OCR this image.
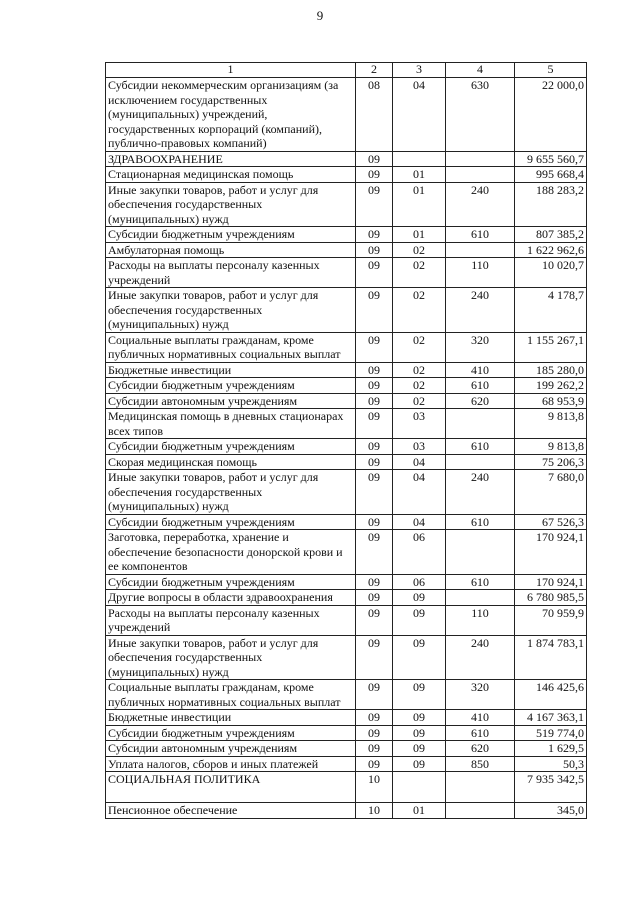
9
1	2	3	4	5
Субсидии некоммерческим организациям (за исключением государственных (муниципальных) учреждений, государственных корпораций (компаний), публично-правовых компаний)	08	04	630	22 000,0
ЗДРАВООХРАНЕНИЕ	09			9 655 560,7
Стационарная медицинская помощь	09	01		995 668,4
Иные закупки товаров, работ и услуг для обеспечения государственных (муниципальных) нужд	09	01	240	188 283,2
Субсидии бюджетным учреждениям	09	01	610	807 385,2
Амбулаторная помощь	09	02		1 622 962,6
Расходы на выплаты персоналу казенных учреждений	09	02	110	10 020,7
Иные закупки товаров, работ и услуг для обеспечения государственных (муниципальных) нужд	09	02	240	4 178,7
Социальные выплаты гражданам, кроме публичных нормативных социальных выплат	09	02	320	1 155 267,1
Бюджетные инвестиции	09	02	410	185 280,0
Субсидии бюджетным учреждениям	09	02	610	199 262,2
Субсидии автономным учреждениям	09	02	620	68 953,9
Медицинская помощь в дневных стационарах всех типов	09	03		9 813,8
Субсидии бюджетным учреждениям	09	03	610	9 813,8
Скорая медицинская помощь	09	04		75 206,3
Иные закупки товаров, работ и услуг для обеспечения государственных (муниципальных) нужд	09	04	240	7 680,0
Субсидии бюджетным учреждениям	09	04	610	67 526,3
Заготовка, переработка, хранение и обеспечение безопасности донорской крови и ее компонентов	09	06		170 924,1
Субсидии бюджетным учреждениям	09	06	610	170 924,1
Другие вопросы в области здравоохранения	09	09		6 780 985,5
Расходы на выплаты персоналу казенных учреждений	09	09	110	70 959,9
Иные закупки товаров, работ и услуг для обеспечения государственных (муниципальных) нужд	09	09	240	1 874 783,1
Социальные выплаты гражданам, кроме публичных нормативных социальных выплат	09	09	320	146 425,6
Бюджетные инвестиции	09	09	410	4 167 363,1
Субсидии бюджетным учреждениям	09	09	610	519 774,0
Субсидии автономным учреждениям	09	09	620	1 629,5
Уплата налогов, сборов и иных платежей	09	09	850	50,3
СОЦИАЛЬНАЯ ПОЛИТИКА	10			7 935 342,5
Пенсионное обеспечение	10	01		345,0
